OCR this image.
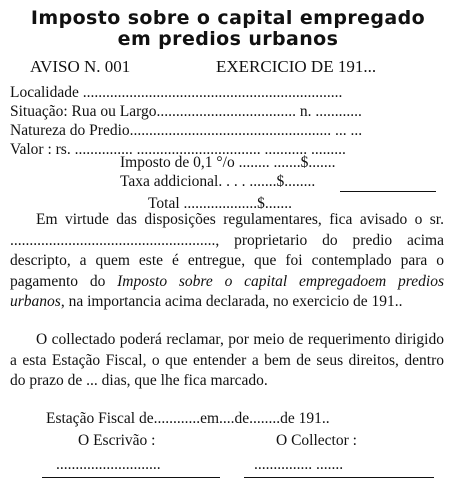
Imposto sobre o capital empregado
em predios urbanos
AVISO N. 001	EXERCICIO DE 191...
Localidade ...................................................................
Situação: Rua ou Largo.................................... n. ............
Natureza do Predio.................................................... ... ...
Valor : rs. ............... ................................ ........... .........
Imposto de 0,1 °/o ........ .......$.......
Taxa addicional. . . . .......$........
Total ...................$.......
Em virtude das disposições regulamentares, fica avisado o sr. ....................................................., proprietario do predio acima descripto, a quem este é entregue, que foi contemplado para o pagamento do Imposto sobre o capital empregadoem predios urbanos, na importancia acima declarada, no exercicio de 191..
O collectado poderá reclamar, por meio de requerimento dirigido a esta Estação Fiscal, o que entender a bem de seus direitos, dentro do prazo de ... dias, que lhe fica marcado.
Estação Fiscal de............em....de........de 191..
O Escrivão :	O Collector :
...........................	............... .......
